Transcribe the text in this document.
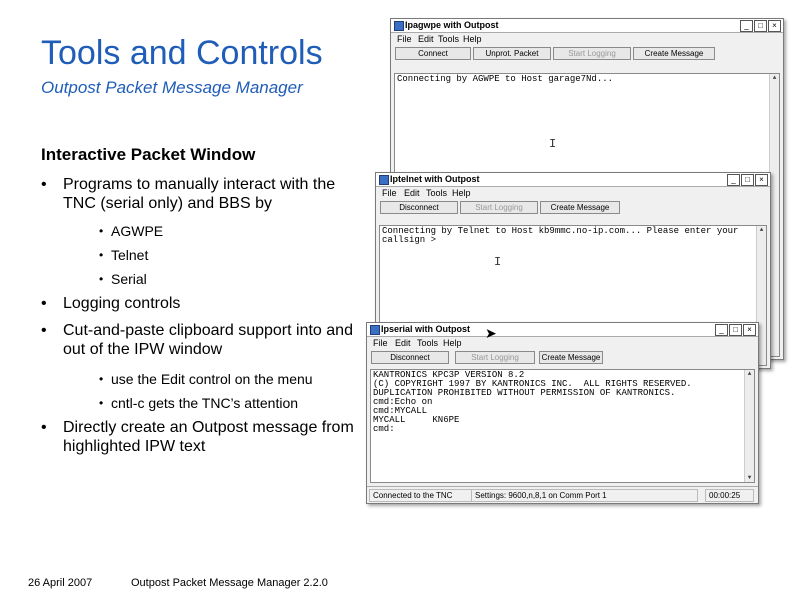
Tools and Controls
Outpost Packet Message Manager
Interactive Packet Window
• Programs to manually interact with the TNC (serial only) and BBS by
• AGWPE
• Telnet
• Serial
• Logging controls
• Cut-and-paste clipboard support into and out of the IPW window
• use the Edit control on the menu
• cntl-c gets the TNC’s attention
• Directly create an Outpost message from highlighted IPW text
26 April 2007	Outpost Packet Message Manager 2.2.0
Ipagwpe with Outpost	_	□	×
File Edit Tools Help
Connect	Unprot. Packet	Start Logging	Create Message
Connecting by AGWPE to Host garage7Nd...	▲
I
Iptelnet with Outpost	_	□	×
File Edit Tools Help
Disconnect	Start Logging	Create Message
Connecting by Telnet to Host kb9mmc.no-ip.com... Please enter your
callsign >
▲
I
Ipserial with Outpost	_	□	×
➤
File Edit Tools Help
Disconnect	Start Logging	Create Message
KANTRONICS KPC3P VERSION 8.2
(C) COPYRIGHT 1997 BY KANTRONICS INC.  ALL RIGHTS RESERVED.
DUPLICATION PROHIBITED WITHOUT PERMISSION OF KANTRONICS.
cmd:Echo on
cmd:MYCALL
MYCALL     KN6PE
cmd:
▲
▼
Connected to the TNC	Settings: 9600,n,8,1 on Comm Port 1	00:00:25
